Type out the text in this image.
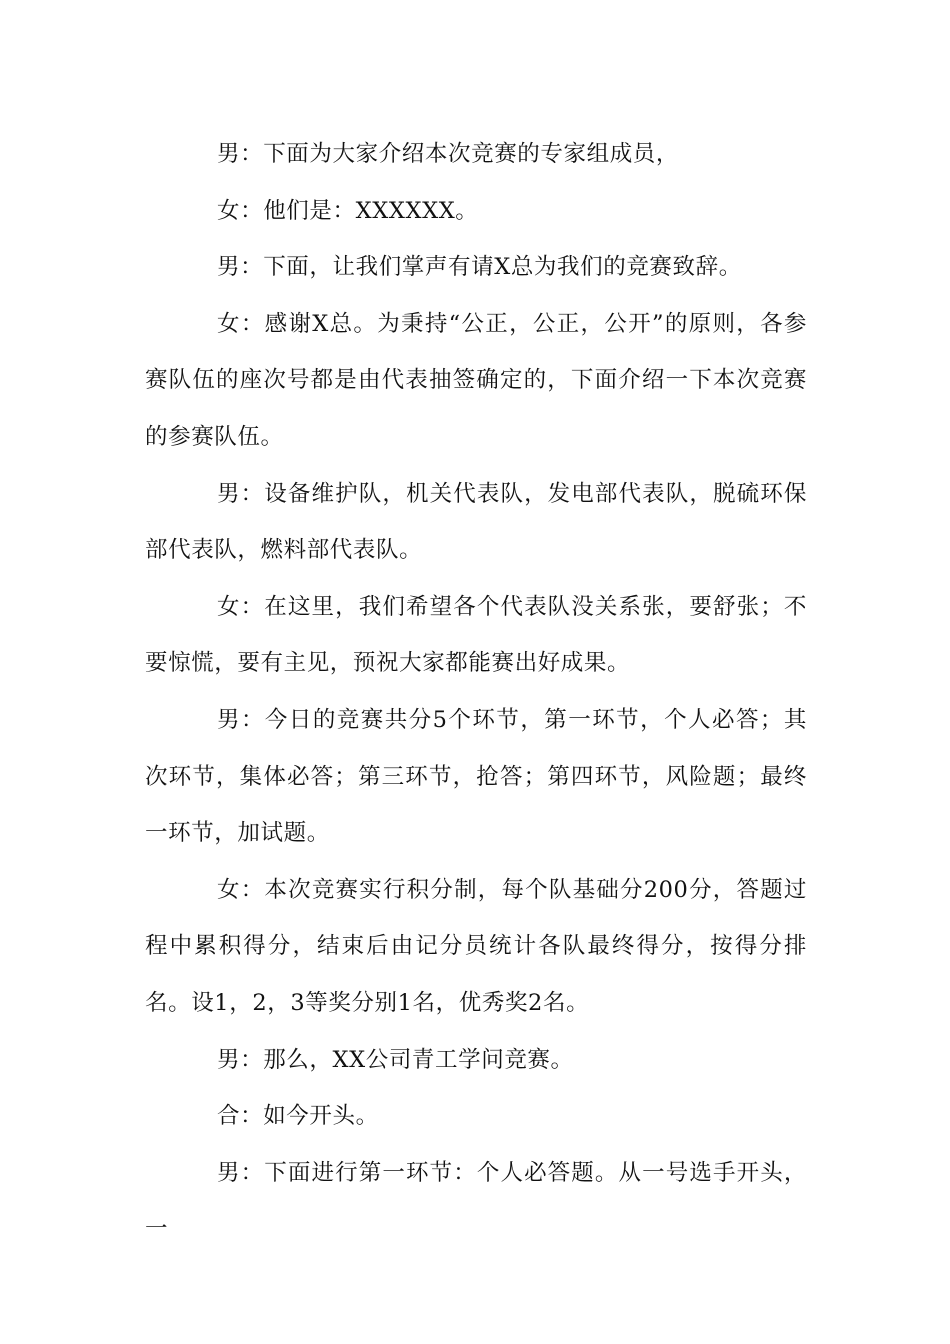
男：下面为大家介绍本次竞赛的专家组成员，

女：他们是：XXXXXX。

男：下面，让我们掌声有请X总为我们的竞赛致辞。

女：感谢X总。为秉持“公正，公正，公开”的原则，各参赛队伍的座次号都是由代表抽签确定的，下面介绍一下本次竞赛的参赛队伍。

男：设备维护队，机关代表队，发电部代表队，脱硫环保部代表队，燃料部代表队。

女：在这里，我们希望各个代表队没关系张，要舒张；不要惊慌，要有主见，预祝大家都能赛出好成果。

男：今日的竞赛共分5个环节，第一环节，个人必答；其次环节，集体必答；第三环节，抢答；第四环节，风险题；最终一环节，加试题。

女：本次竞赛实行积分制，每个队基础分200分，答题过程中累积得分，结束后由记分员统计各队最终得分，按得分排名。设1，2，3等奖分别1名，优秀奖2名。

男：那么，XX公司青工学问竞赛。

合：如今开头。

男：下面进行第一环节：个人必答题。从一号选手开头，一
